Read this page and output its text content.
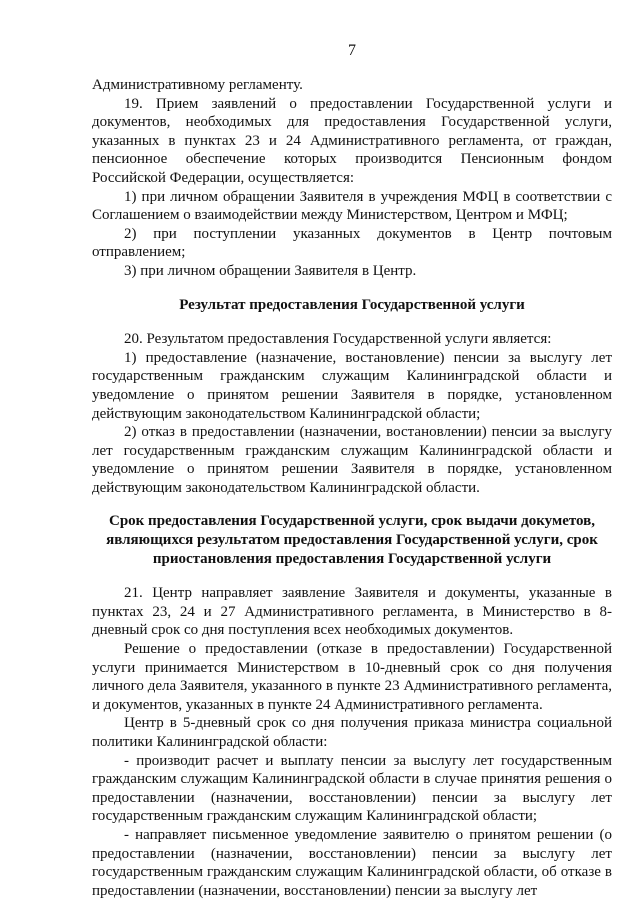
7

Административному регламенту.

19. Прием заявлений о предоставлении Государственной услуги и документов, необходимых для предоставления Государственной услуги, указанных в пунктах 23 и 24 Административного регламента, от граждан, пенсионное обеспечение которых производится Пенсионным фондом Российской Федерации, осуществляется:

1) при личном обращении Заявителя в учреждения МФЦ в соответствии с Соглашением о взаимодействии между Министерством, Центром и МФЦ;

2) при поступлении указанных документов в Центр почтовым отправлением;

3) при личном обращении Заявителя в Центр.

Результат предоставления Государственной услуги

20. Результатом предоставления Государственной услуги является:

1) предоставление (назначение, востановление) пенсии за выслугу лет государственным гражданским служащим Калининградской области и уведомление о принятом решении Заявителя в порядке, установленном действующим законодательством Калининградской области;

2) отказ в предоставлении (назначении, востановлении) пенсии за выслугу лет государственным гражданским служащим Калининградской области и уведомление о принятом решении Заявителя в порядке, установленном действующим законодательством Калининградской области.

Срок предоставления Государственной услуги, срок выдачи докуметов, являющихся результатом предоставления Государственной услуги, срок приостановления предоставления Государственной услуги

21. Центр направляет заявление Заявителя и документы, указанные в пунктах 23, 24 и 27 Административного регламента, в Министерство в 8-дневный срок со дня поступления всех необходимых документов.

Решение о предоставлении (отказе в предоставлении) Государственной услуги принимается Министерством в 10-дневный срок со дня получения личного дела Заявителя, указанного в пункте 23 Административного регламента, и документов, указанных в пункте 24 Административного регламента.

Центр в 5-дневный срок со дня получения приказа министра социальной политики Калининградской области:

- производит расчет и выплату пенсии за выслугу лет государственным гражданским служащим Калининградской области в случае принятия решения о предоставлении (назначении, восстановлении) пенсии за выслугу лет государственным гражданским служащим Калининградской области;

- направляет письменное уведомление заявителю о принятом решении (о предоставлении (назначении, восстановлении) пенсии за выслугу лет государственным гражданским служащим Калининградской области, об отказе в предоставлении (назначении, восстановлении) пенсии за выслугу лет
